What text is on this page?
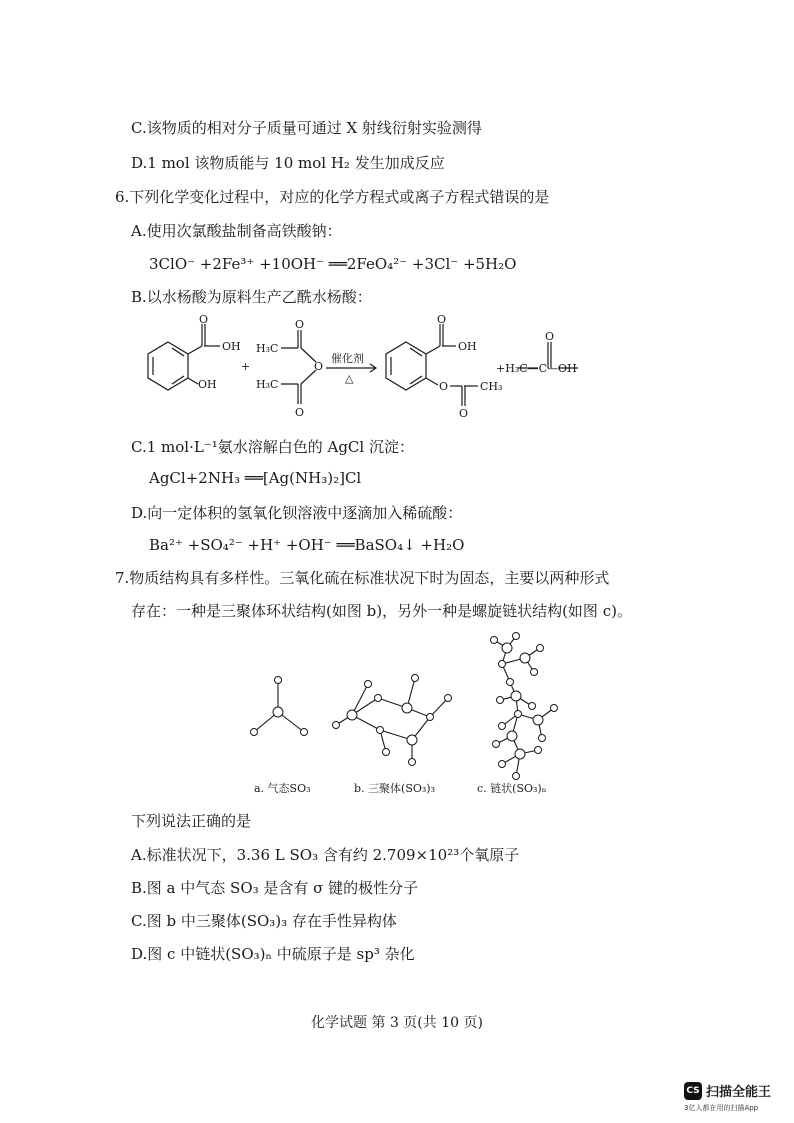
C.该物质的相对分子质量可通过 X 射线衍射实验测得
D.1 mol 该物质能与 10 mol H₂ 发生加成反应
6.下列化学变化过程中，对应的化学方程式或离子方程式错误的是
A.使用次氯酸盐制备高铁酸钠：
3ClO⁻ +2Fe³⁺ +10OH⁻ ══2FeO₄²⁻ +3Cl⁻ +5H₂O
B.以水杨酸为原料生产乙酰水杨酸：
O
OH
OH
+
H₃C
H₃C
O
O
O
催化剂
△
O
OH
O
O
CH₃
O
+H₃C—C—OH
C.1 mol·L⁻¹氨水溶解白色的 AgCl 沉淀：
AgCl+2NH₃ ══[Ag(NH₃)₂]Cl
D.向一定体积的氢氧化钡溶液中逐滴加入稀硫酸：
Ba²⁺ +SO₄²⁻ +H⁺ +OH⁻ ══BaSO₄↓ +H₂O
7.物质结构具有多样性。三氧化硫在标准状况下时为固态，主要以两种形式
存在：一种是三聚体环状结构(如图 b)，另外一种是螺旋链状结构(如图 c)。
a. 气态SO₃	b. 三聚体(SO₃)₃	c. 链状(SO₃)ₙ
下列说法正确的是
A.标准状况下，3.36 L SO₃ 含有约 2.709×10²³个氧原子
B.图 a 中气态 SO₃ 是含有 σ 键的极性分子
C.图 b 中三聚体(SO₃)₃ 存在手性异构体
D.图 c 中链状(SO₃)ₙ 中硫原子是 sp³ 杂化
化学试题 第 3 页(共 10 页)
CS 扫描全能王
3亿人都在用的扫描App
